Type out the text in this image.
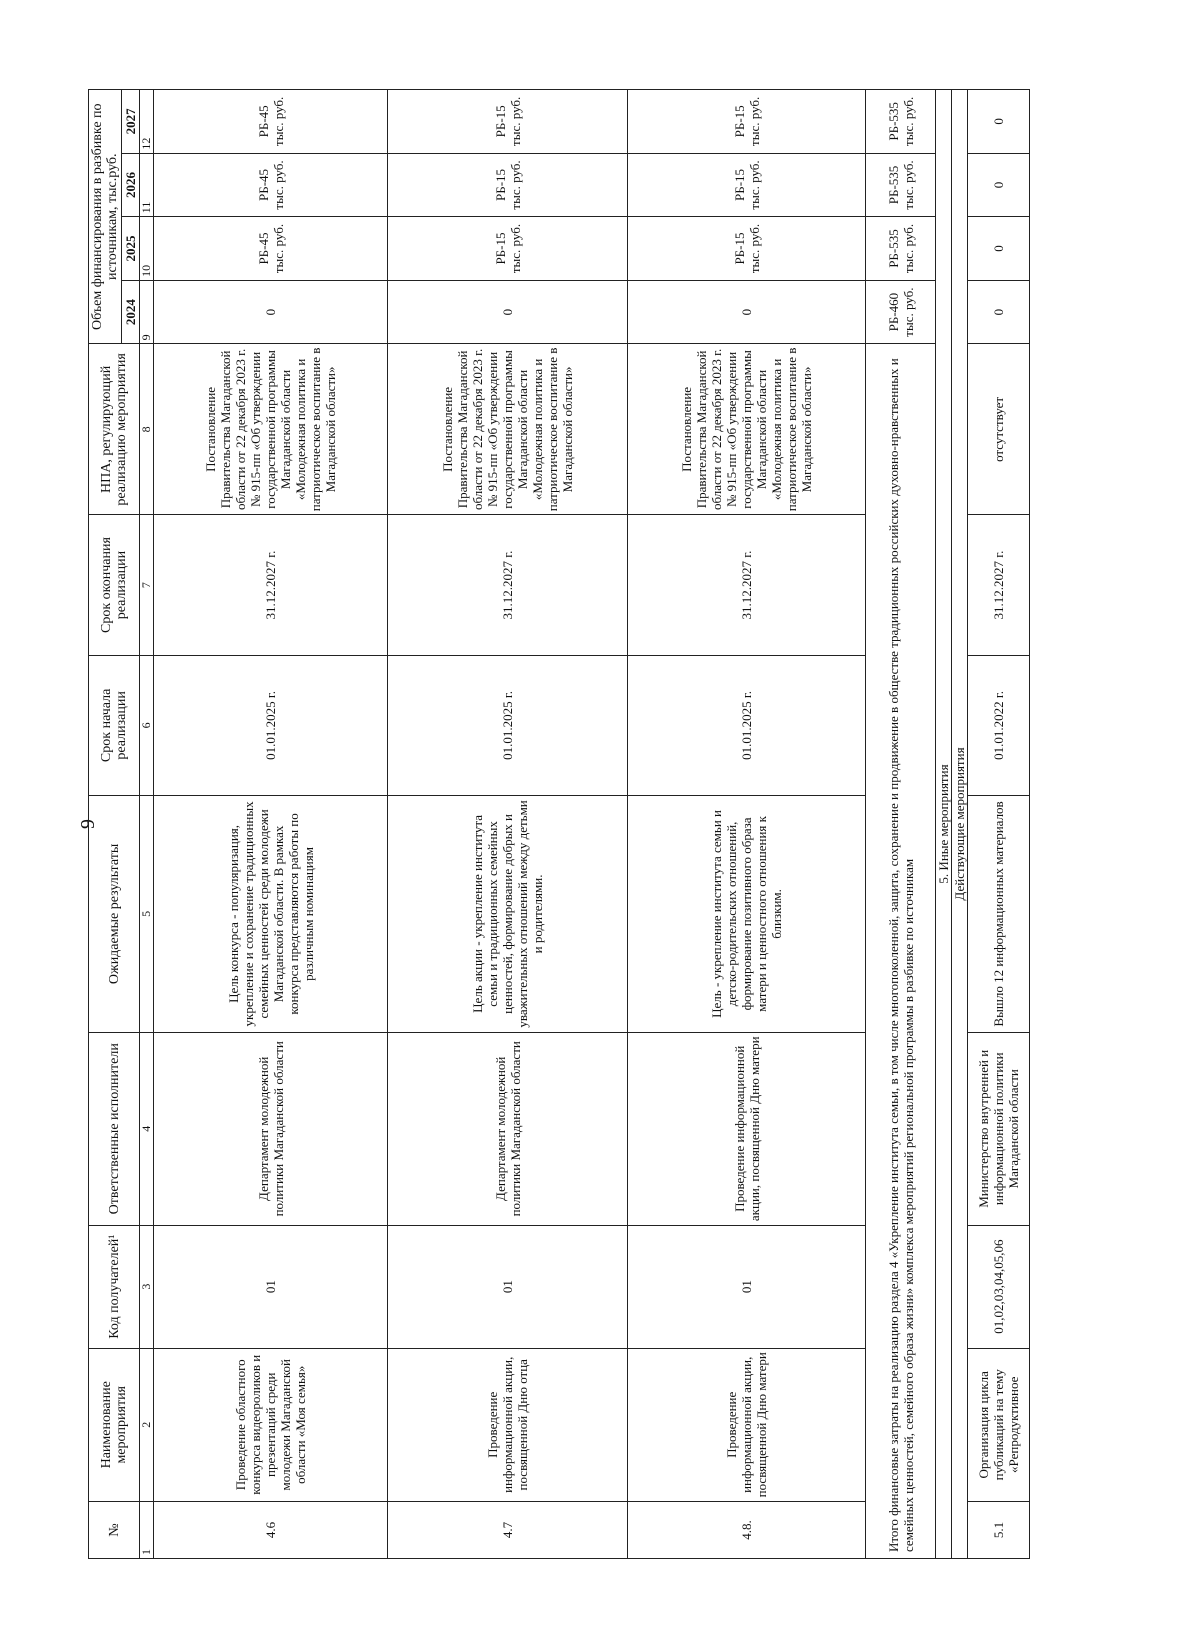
9
№	Наименование мероприятия	Код получателей¹	Ответственные исполнители	Ожидаемые результаты	Срок начала реализации	Срок окончания реализации	НПА, регулирующий реализацию мероприятия	Объем финансирования в разбивке по источникам, тыс.руб.			
								2024	2025	2026	2027
1	2	3	4	5	6	7	8	9	10	11	12
4.6	Проведение областного конкурса видеороликов и презентаций среди молодежи Магаданской области «Моя семья»	01	Департамент молодежной политики Магаданской области	Цель конкурса - популяризация, укрепление и сохранение традиционных семейных ценностей среди молодежи Магаданской области. В рамках конкурса представляются работы по различным номинациям	01.01.2025 г.	31.12.2027 г.	Постановление Правительства Магаданской области от 22 декабря 2023 г. № 915-пп «Об утверждении государственной программы Магаданской области «Молодежная политика и патриотическое воспитание в Магаданской области»	0	РБ-45 тыс. руб.	РБ-45 тыс. руб.	РБ-45 тыс. руб.
4.7	Проведение информационной акции, посвященной Дню отца	01	Департамент молодежной политики Магаданской области	Цель акции - укрепление института семьи и традиционных семейных ценностей, формирование добрых и уважительных отношений между детьми и родителями.	01.01.2025 г.	31.12.2027 г.	Постановление Правительства Магаданской области от 22 декабря 2023 г. № 915-пп «Об утверждении государственной программы Магаданской области «Молодежная политика и патриотическое воспитание в Магаданской области»	0	РБ-15 тыс. руб.	РБ-15 тыс. руб.	РБ-15 тыс. руб.
4.8.	Проведение информационной акции, посвященной Дню матери	01	Проведение информационной акции, посвященной Дню матери	Цель - укрепление института семьи и детско-родительских отношений, формирование позитивного образа матери и ценностного отношения к близким.	01.01.2025 г.	31.12.2027 г.	Постановление Правительства Магаданской области от 22 декабря 2023 г. № 915-пп «Об утверждении государственной программы Магаданской области «Молодежная политика и патриотическое воспитание в Магаданской области»	0	РБ-15 тыс. руб.	РБ-15 тыс. руб.	РБ-15 тыс. руб.
Итого финансовые затраты на реализацию раздела 4 «Укрепление института семьи, в том числе многопоколенной, защита, сохранение и продвижение в обществе традиционных российских духовно-нравственных и семейных ценностей, семейного образа жизни» комплекса мероприятий региональной программы в разбивке по источникам								РБ-460 тыс. руб.	РБ-535 тыс. руб.	РБ-535 тыс. руб.	РБ-535 тыс. руб.
5. Иные мероприятия											
Действующие мероприятия											
5.1	Организация цикла публикаций на тему «Репродуктивное	01,02,03,04,05,06	Министерство внутренней и информационной политики Магаданской области	Вышло 12 информационных материалов	01.01.2022 г.	31.12.2027 г.	отсутствует	0	0	0	0
